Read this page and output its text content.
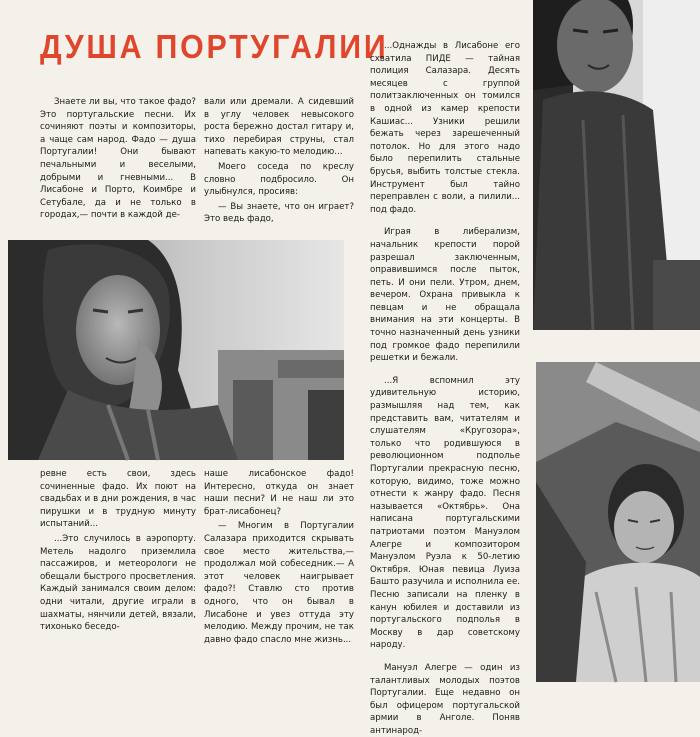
ДУША ПОРТУГАЛИИ

Знаете ли вы, что такое фадо? Это португальские песни. Их сочиняют поэты и композиторы, а чаще сам народ. Фадо — душа Португалии! Они бывают печальными и веселыми, добрыми и гневными... В Лисабоне и Порто, Коимбре и Сетубале, да и не только в городах,— почти в каждой де-

вали или дремали. А сидевший в углу человек невысокого роста бережно достал гитару и, тихо перебирая струны, стал напевать какую-то мелодию...

Моего соседа по креслу словно подбросило. Он улыбнулся, просияв:

— Вы знаете, что он играет? Это ведь фадо,

ревне есть свои, здесь сочиненные фадо. Их поют на свадьбах и в дни рождения, в час пирушки и в трудную минуту испытаний...

...Это случилось в аэропорту. Метель надолго приземлила пассажиров, и метеорологи не обещали быстрого просветления. Каждый занимался своим делом: одни читали, другие играли в шахматы, нянчили детей, вязали, тихонько беседо-

наше лисабонское фадо! Интересно, откуда он знает наши песни? И не наш ли это брат-лисабонец?

— Многим в Португалии Салазара приходится скрывать свое место жительства,— продолжал мой собеседник.— А этот человек наигрывает фадо?! Ставлю сто против одного, что он бывал в Лисабоне и увез оттуда эту мелодию. Между прочим, не так давно фадо спасло мне жизнь...

...Однажды в Лисабоне его схватила ПИДЕ — тайная полиция Салазара. Десять месяцев с группой политзаключенных он томился в одной из камер крепости Кашиас... Узники решили бежать через зарешеченный потолок. Но для этого надо было перепилить стальные брусья, выбить толстые стекла. Инструмент был тайно переправлен с воли, а пилили... под фадо.

Играя в либерализм, начальник крепости порой разрешал заключенным, оправившимся после пыток, петь. И они пели. Утром, днем, вечером. Охрана привыкла к певцам и не обращала внимания на эти концерты. В точно назначенный день узники под громкое фадо перепилили решетки и бежали.

...Я вспомнил эту удивительную историю, размышляя над тем, как представить вам, читателям и слушателям «Кругозора», только что родившуюся в революционном подполье Португалии прекрасную песню, которую, видимо, тоже можно отнести к жанру фадо. Песня называется «Октябрь». Она написана португальскими патриотами поэтом Мануэлом Алегре и композитором Мануэлом Руэла к 50-летию Октября. Юная певица Луиза Башто разучила и исполнила ее. Песню записали на пленку в канун юбилея и доставили из португальского подполья в Москву в дар советскому народу.

Мануэл Алегре — один из талантливых молодых поэтов Португалии. Еще недавно он был офицером португальской армии в Анголе. Поняв антинарод-
